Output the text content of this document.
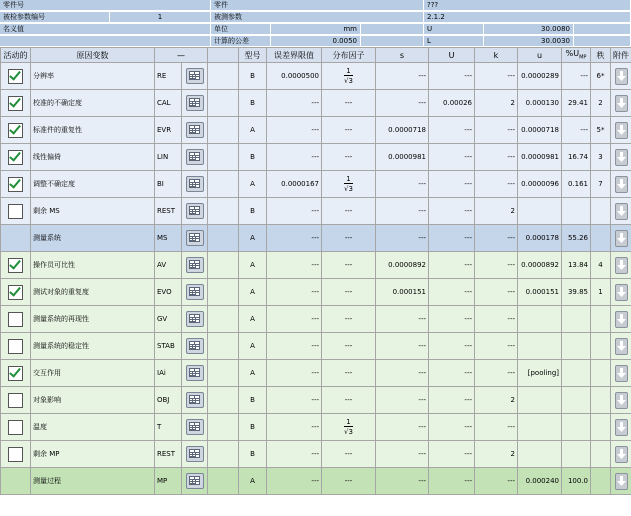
零件号	零件	???
被检参数编号	1	被测参数	2.1.2
名义值	单位	mm	U	30.0080
计算的公差	0.0050	L	30.0030
活动的	原因变数	—			型号	误差界限值	分布因子	s	U	k	u	$\%U_{MP}$	秩	附件
	分辨率	RE			B	0.0000500	$\frac{1}{√3}$	---	---	---	0.0000289	---	6*	

	校准的不确定度	CAL			B	---	---	---	0.00026	2	0.000130	29.41	2	

	标准件的重复性	EVR			A	---	---	0.0000718	---	---	0.0000718	---	5*	

	线性偏倚	LIN			B	---	---	0.0000981	---	---	0.0000981	16.74	3	

	调整不确定度	BI			A	0.0000167	$\frac{1}{√3}$	---	---	---	0.0000096	0.161	7	

	剩余 MS	REST			B	---	---	---	---	2				

	测量系统	MS			A	---	---	---	---	---	0.000178	55.26		

	操作员可比性	AV			A	---	---	0.0000892	---	---	0.0000892	13.84	4	

	测试对象的重复度	EVO			A	---	---	0.000151	---	---	0.000151	39.85	1	

	测量系统的再现性	GV			A	---	---	---	---	---				

	测量系统的稳定性	STAB			A	---	---	---	---	---				

	交互作用	IAi			A	---	---	---	---	---	[pooling]			

	对象影响	OBJ			B	---	---	---	---	2				

	温度	T			B	---	$\frac{1}{√3}$	---	---	---				

	剩余 MP	REST			B	---	---	---	---	2				

	测量过程	MP			A	---	---	---	---	---	0.000240	100.0		
